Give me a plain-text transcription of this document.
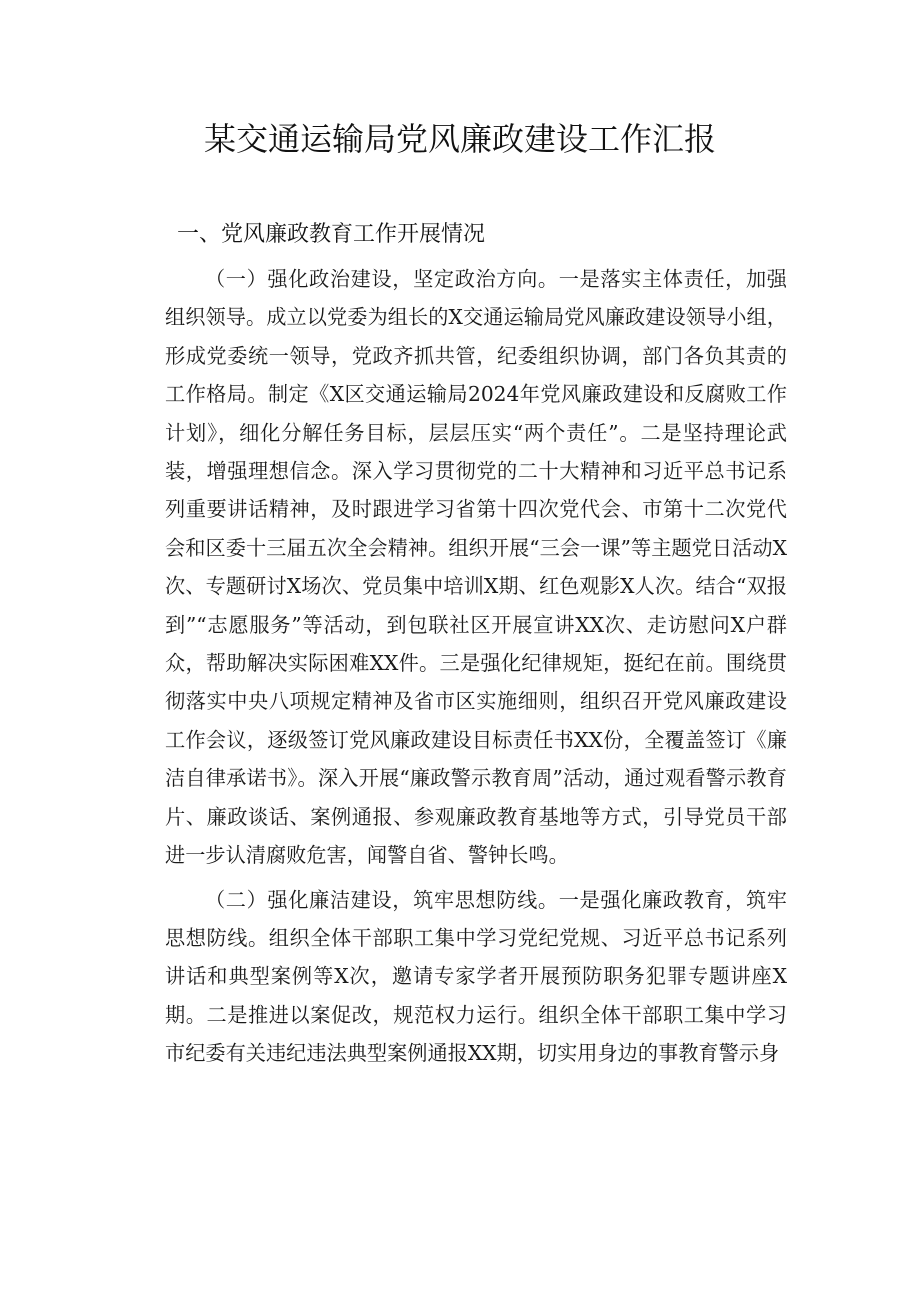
某交通运输局党风廉政建设工作汇报
一、党风廉政教育工作开展情况

（一）强化政治建设，坚定政治方向。一是落实主体责任，加强组织领导。成立以党委为组长的X交通运输局党风廉政建设领导小组，形成党委统一领导，党政齐抓共管，纪委组织协调，部门各负其责的工作格局。制定《X区交通运输局2024年党风廉政建设和反腐败工作计划》，细化分解任务目标，层层压实“两个责任”。二是坚持理论武装，增强理想信念。深入学习贯彻党的二十大精神和习近平总书记系列重要讲话精神，及时跟进学习省第十四次党代会、市第十二次党代会和区委十三届五次全会精神。组织开展“三会一课”等主题党日活动X次、专题研讨X场次、党员集中培训X期、红色观影X人次。结合“双报到”“志愿服务”等活动，到包联社区开展宣讲XX次、走访慰问X户群众，帮助解决实际困难XX件。三是强化纪律规矩，挺纪在前。围绕贯彻落实中央八项规定精神及省市区实施细则，组织召开党风廉政建设工作会议，逐级签订党风廉政建设目标责任书XX份，全覆盖签订《廉洁自律承诺书》。深入开展“廉政警示教育周”活动，通过观看警示教育片、廉政谈话、案例通报、参观廉政教育基地等方式，引导党员干部进一步认清腐败危害，闻警自省、警钟长鸣。

（二）强化廉洁建设，筑牢思想防线。一是强化廉政教育，筑牢思想防线。组织全体干部职工集中学习党纪党规、习近平总书记系列讲话和典型案例等X次，邀请专家学者开展预防职务犯罪专题讲座X期。二是推进以案促改，规范权力运行。组织全体干部职工集中学习市纪委有关违纪违法典型案例通报XX期，切实用身边的事教育警示身
